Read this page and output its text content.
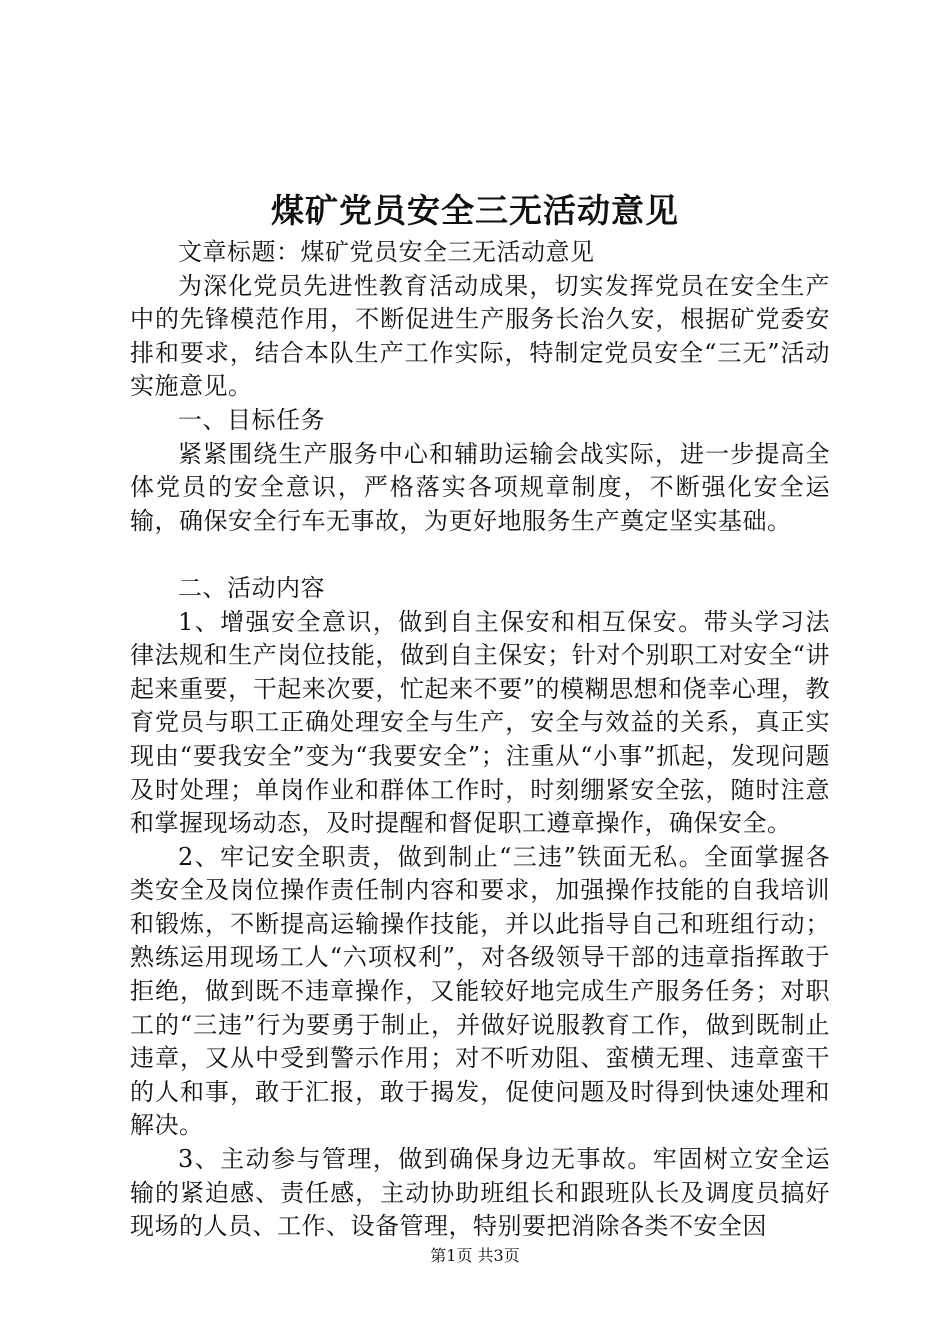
煤矿党员安全三无活动意见

文章标题：煤矿党员安全三无活动意见

为深化党员先进性教育活动成果，切实发挥党员在安全生产中的先锋模范作用，不断促进生产服务长治久安，根据矿党委安排和要求，结合本队生产工作实际，特制定党员安全“三无”活动实施意见。

一、目标任务

紧紧围绕生产服务中心和辅助运输会战实际，进一步提高全体党员的安全意识，严格落实各项规章制度，不断强化安全运输，确保安全行车无事故，为更好地服务生产奠定坚实基础。

二、活动内容

1、增强安全意识，做到自主保安和相互保安。带头学习法律法规和生产岗位技能，做到自主保安；针对个别职工对安全“讲起来重要，干起来次要，忙起来不要”的模糊思想和侥幸心理，教育党员与职工正确处理安全与生产，安全与效益的关系，真正实现由“要我安全”变为“我要安全”；注重从“小事”抓起，发现问题及时处理；单岗作业和群体工作时，时刻绷紧安全弦，随时注意和掌握现场动态，及时提醒和督促职工遵章操作，确保安全。

2、牢记安全职责，做到制止“三违”铁面无私。全面掌握各类安全及岗位操作责任制内容和要求，加强操作技能的自我培训和锻炼，不断提高运输操作技能，并以此指导自己和班组行动；熟练运用现场工人“六项权利”，对各级领导干部的违章指挥敢于拒绝，做到既不违章操作，又能较好地完成生产服务任务；对职工的“三违”行为要勇于制止，并做好说服教育工作，做到既制止违章，又从中受到警示作用；对不听劝阻、蛮横无理、违章蛮干的人和事，敢于汇报，敢于揭发，促使问题及时得到快速处理和解决。

3、主动参与管理，做到确保身边无事故。牢固树立安全运输的紧迫感、责任感，主动协助班组长和跟班队长及调度员搞好现场的人员、工作、设备管理，特别要把消除各类不安全因

第1页 共3页
